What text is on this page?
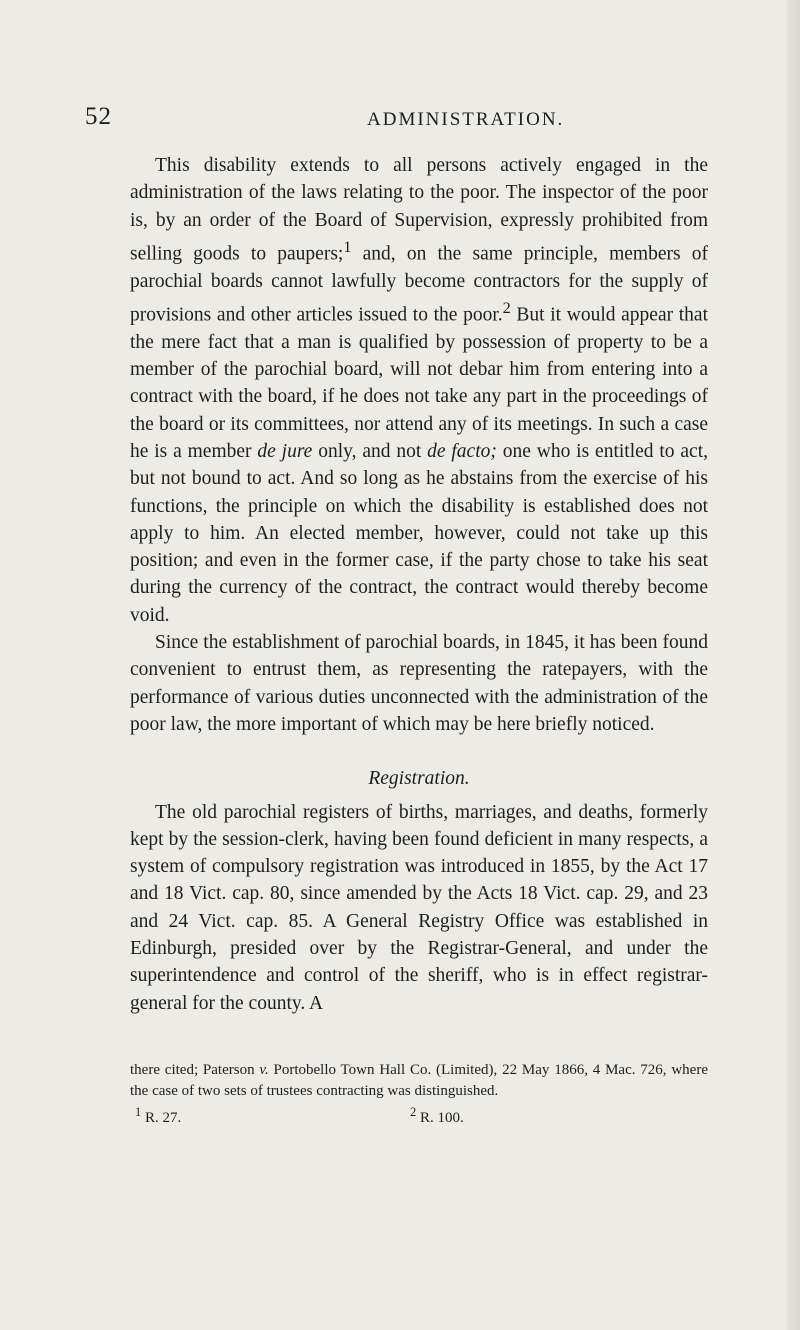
52	ADMINISTRATION.

This disability extends to all persons actively engaged in the administration of the laws relating to the poor. The inspector of the poor is, by an order of the Board of Supervision, expressly prohibited from selling goods to paupers;$^1$ and, on the same principle, members of parochial boards cannot lawfully become contractors for the supply of provisions and other articles issued to the poor.$^2$ But it would appear that the mere fact that a man is qualified by possession of property to be a member of the parochial board, will not debar him from entering into a contract with the board, if he does not take any part in the proceedings of the board or its committees, nor attend any of its meetings. In such a case he is a member de jure only, and not de facto; one who is entitled to act, but not bound to act. And so long as he abstains from the exercise of his functions, the principle on which the disability is established does not apply to him. An elected member, however, could not take up this position; and even in the former case, if the party chose to take his seat during the currency of the contract, the contract would thereby become void.

Since the establishment of parochial boards, in 1845, it has been found convenient to entrust them, as representing the ratepayers, with the performance of various duties unconnected with the administration of the poor law, the more important of which may be here briefly noticed.

Registration.

The old parochial registers of births, marriages, and deaths, formerly kept by the session-clerk, having been found deficient in many respects, a system of compulsory registration was introduced in 1855, by the Act 17 and 18 Vict. cap. 80, since amended by the Acts 18 Vict. cap. 29, and 23 and 24 Vict. cap. 85. A General Registry Office was established in Edinburgh, presided over by the Registrar-General, and under the superintendence and control of the sheriff, who is in effect registrar-general for the county. A

there cited; Paterson v. Portobello Town Hall Co. (Limited), 22 May 1866, 4 Mac. 726, where the case of two sets of trustees contracting was distinguished.

$^1$ R. 27.	$^2$ R. 100.
